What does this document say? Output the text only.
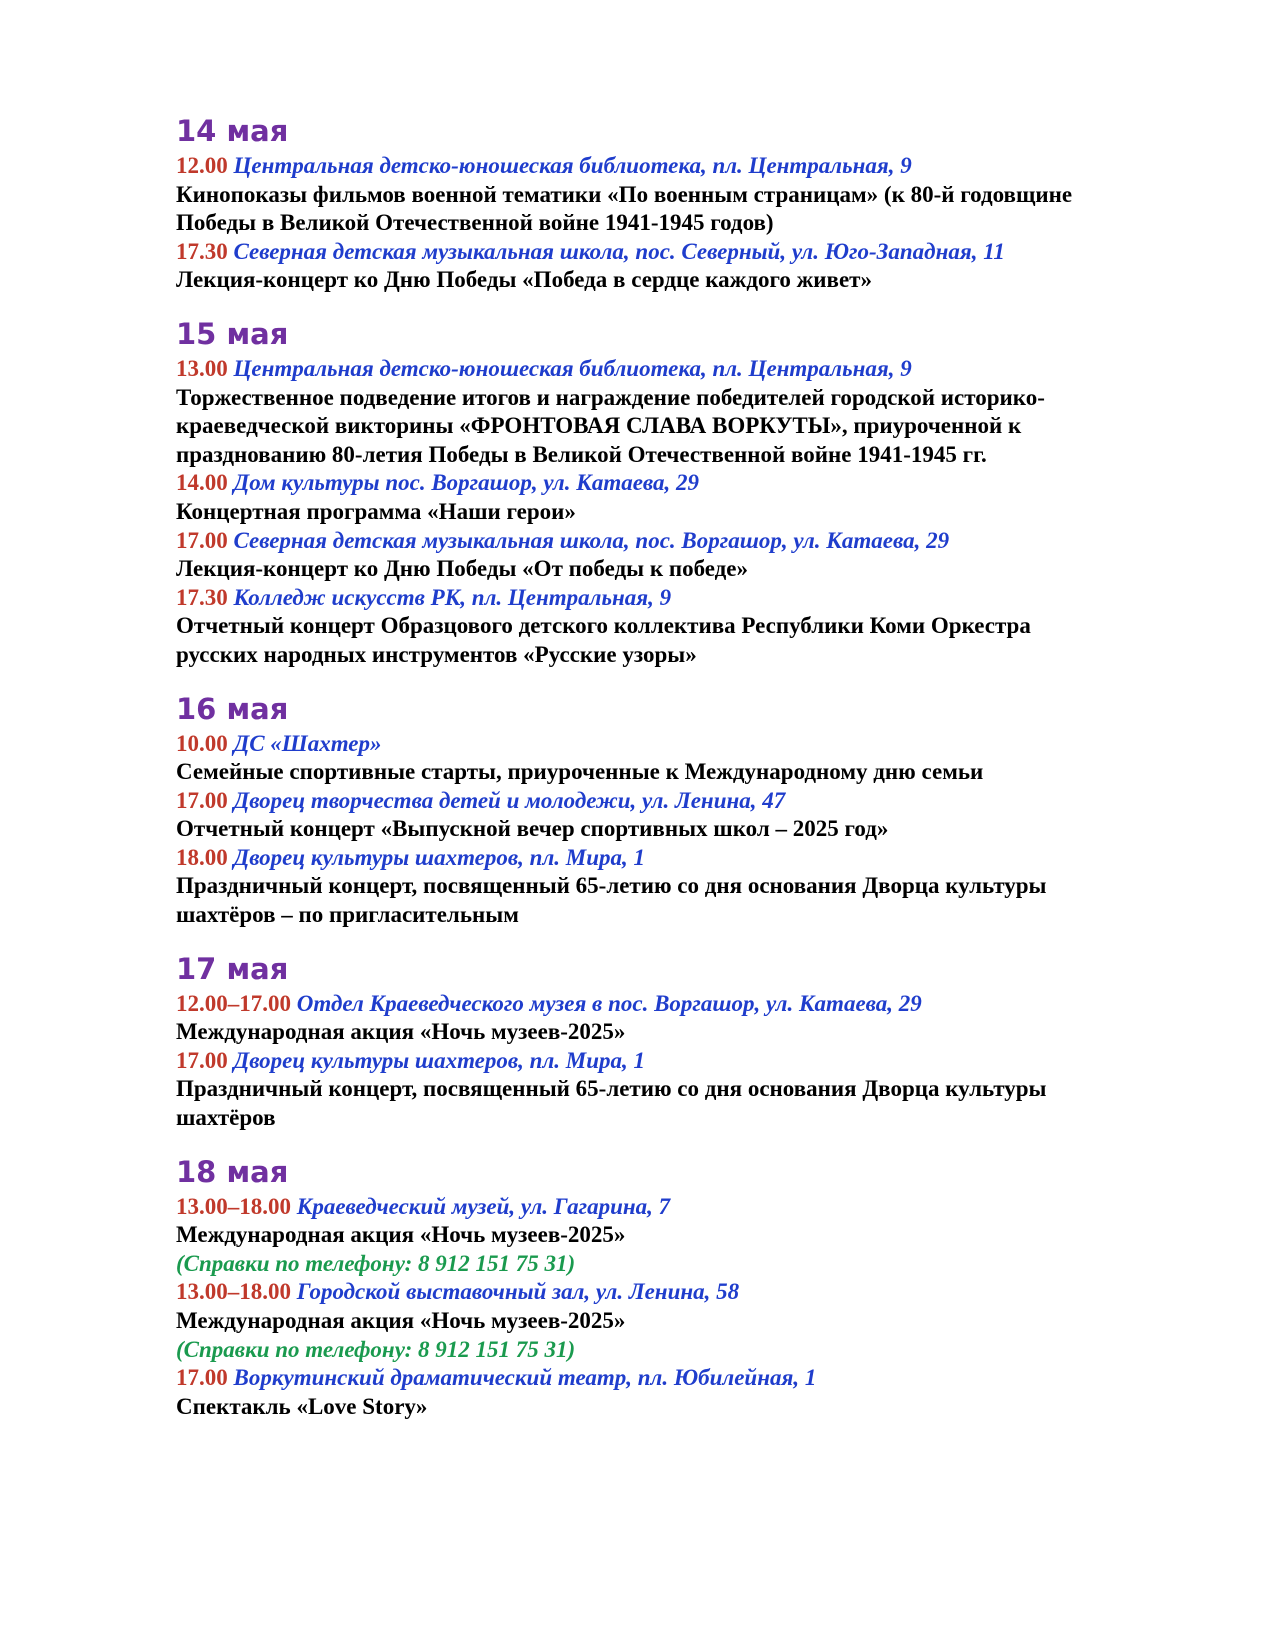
14 мая
12.00 Центральная детско-юношеская библиотека, пл. Центральная, 9
Кинопоказы фильмов военной тематики «По военным страницам» (к 80-й годовщине
Победы в Великой Отечественной войне 1941-1945 годов)
17.30 Северная детская музыкальная школа, пос. Северный, ул. Юго-Западная, 11
Лекция-концерт ко Дню Победы «Победа в сердце каждого живет»
15 мая
13.00 Центральная детско-юношеская библиотека, пл. Центральная, 9
Торжественное подведение итогов и награждение победителей городской историко-
краеведческой викторины «ФРОНТОВАЯ СЛАВА ВОРКУТЫ», приуроченной к
празднованию 80-летия Победы в Великой Отечественной войне 1941-1945 гг.
14.00 Дом культуры пос. Воргашор, ул. Катаева, 29
Концертная программа «Наши герои»
17.00 Северная детская музыкальная школа, пос. Воргашор, ул. Катаева, 29
Лекция-концерт ко Дню Победы «От победы к победе»
17.30 Колледж искусств РК, пл. Центральная, 9
Отчетный концерт Образцового детского коллектива Республики Коми Оркестра
русских народных инструментов «Русские узоры»
16 мая
10.00 ДС «Шахтер»
Семейные спортивные старты, приуроченные к Международному дню семьи
17.00 Дворец творчества детей и молодежи, ул. Ленина, 47
Отчетный концерт «Выпускной вечер спортивных школ – 2025 год»
18.00 Дворец культуры шахтеров, пл. Мира, 1
Праздничный концерт, посвященный 65-летию со дня основания Дворца культуры
шахтёров – по пригласительным
17 мая
12.00–17.00 Отдел Краеведческого музея в пос. Воргашор, ул. Катаева, 29
Международная акция «Ночь музеев-2025»
17.00 Дворец культуры шахтеров, пл. Мира, 1
Праздничный концерт, посвященный 65-летию со дня основания Дворца культуры
шахтёров
18 мая
13.00–18.00 Краеведческий музей, ул. Гагарина, 7
Международная акция «Ночь музеев-2025»
(Справки по телефону: 8 912 151 75 31)
13.00–18.00 Городской выставочный зал, ул. Ленина, 58
Международная акция «Ночь музеев-2025»
(Справки по телефону: 8 912 151 75 31)
17.00 Воркутинский драматический театр, пл. Юбилейная, 1
Спектакль «Love Story»
